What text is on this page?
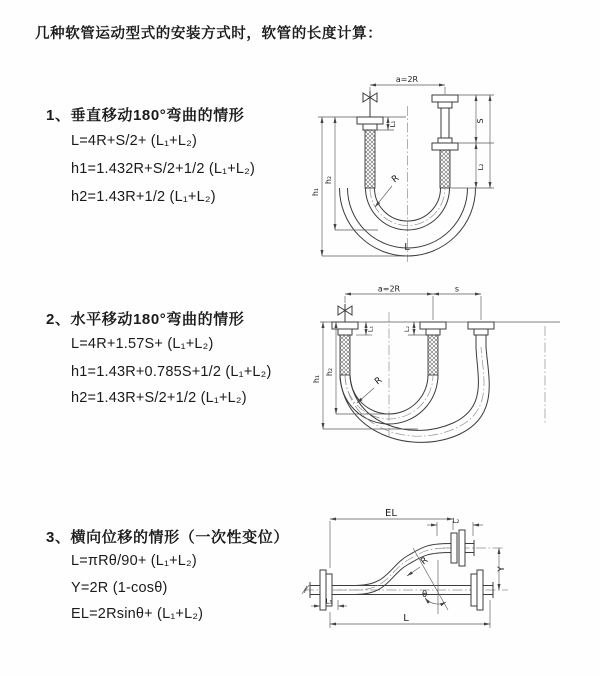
几种软管运动型式的安装方式时，软管的长度计算：
1、垂直移动180°弯曲的情形
L=4R+S/2+ (L₁+L₂)
h1=1.432R+S/2+1/2 (L₁+L₂)
h2=1.43R+1/2 (L₁+L₂)
a=2R
L₁
h₁
h₂
S
L₂
R
L
2、水平移动180°弯曲的情形
L=4R+1.57S+ (L₁+L₂)
h1=1.43R+0.785S+1/2 (L₁+L₂)
h2=1.43R+S/2+1/2 (L₁+L₂)
a=2R	s
h₁
h₂
L₁	L₂
R
3、横向位移的情形（一次性变位）
L=πRθ/90+ (L₁+L₂)
Y=2R (1-cosθ)
EL=2Rsinθ+ (L₁+L₂)
EL
L₂
Y
θ
R
L
L₁
